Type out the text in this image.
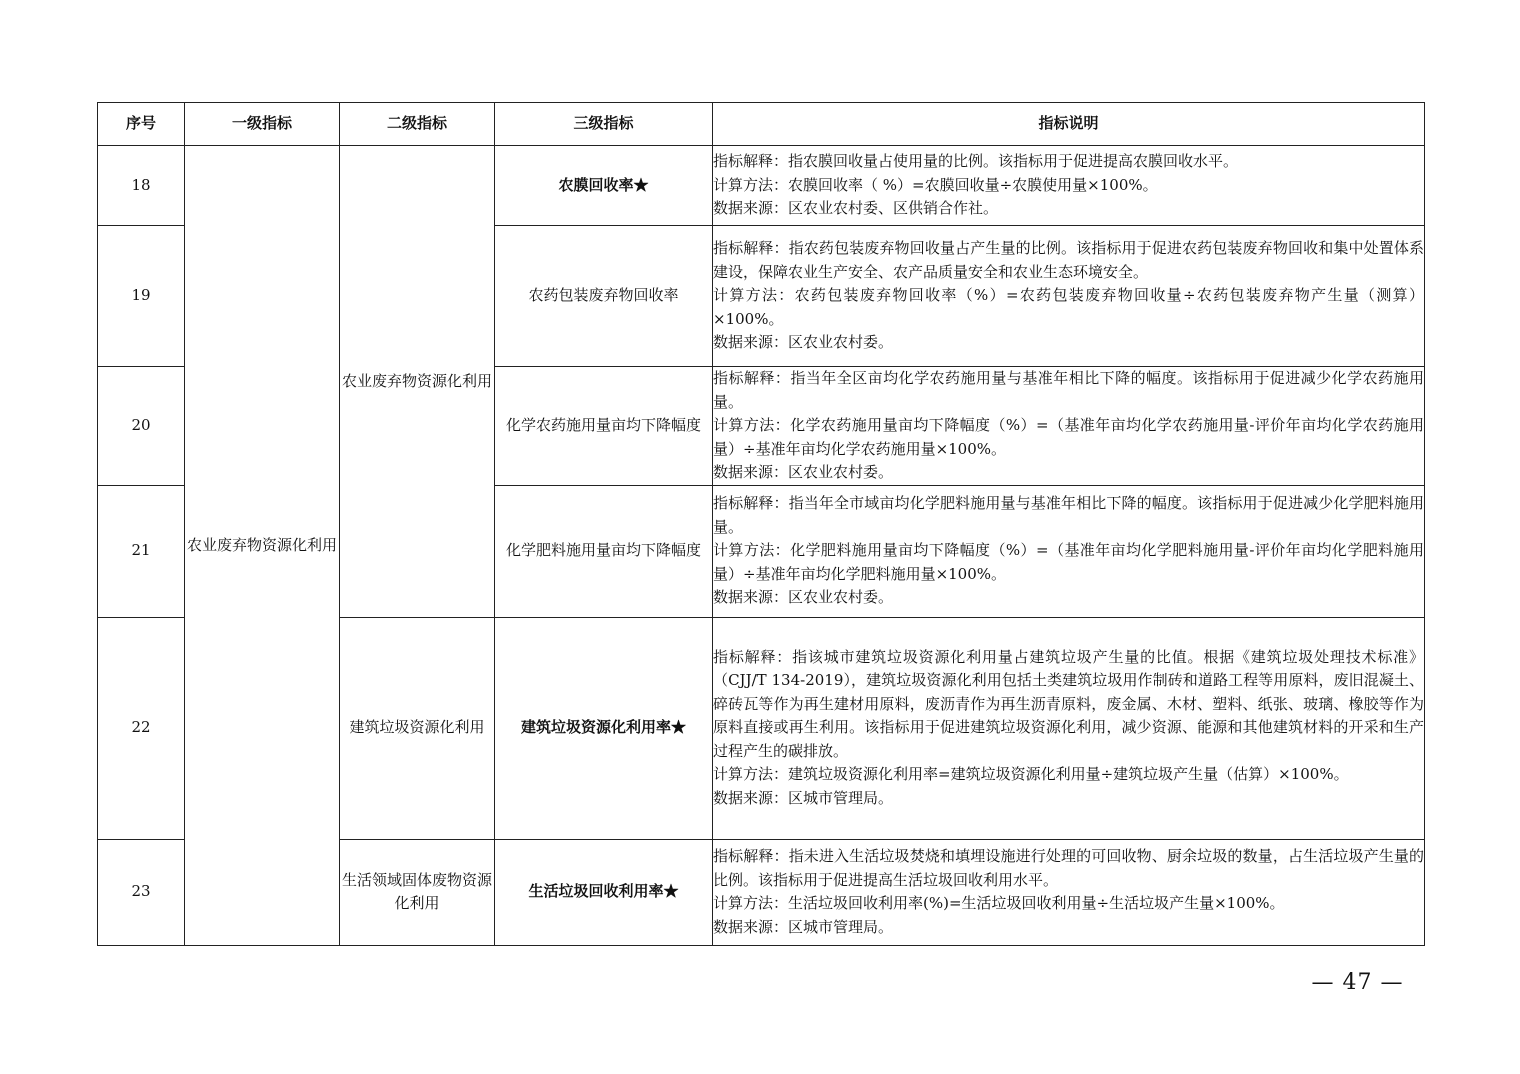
序号	一级指标	二级指标	三级指标	指标说明
18	农业废弃物资源化利用	农业废弃物资源化利用	农膜回收率★	指标解释：指农膜回收量占使用量的比例。该指标用于促进提高农膜回收水平。
计算方法：农膜回收率（ %）=农膜回收量÷农膜使用量×100%。
数据来源：区农业农村委、区供销合作社。

19			农药包装废弃物回收率	指标解释：指农药包装废弃物回收量占产生量的比例。该指标用于促进农药包装废弃物回收和集中处置体系建设，保障农业生产安全、农产品质量安全和农业生态环境安全。
计算方法：农药包装废弃物回收率（%）=农药包装废弃物回收量÷农药包装废弃物产生量（测算）×100%。
数据来源：区农业农村委。

20			化学农药施用量亩均下降幅度	指标解释：指当年全区亩均化学农药施用量与基准年相比下降的幅度。该指标用于促进减少化学农药施用量。
计算方法：化学农药施用量亩均下降幅度（%）=（基准年亩均化学农药施用量-评价年亩均化学农药施用量）÷基准年亩均化学农药施用量×100%。
数据来源：区农业农村委。

21			化学肥料施用量亩均下降幅度	指标解释：指当年全市域亩均化学肥料施用量与基准年相比下降的幅度。该指标用于促进减少化学肥料施用量。
计算方法：化学肥料施用量亩均下降幅度（%）=（基准年亩均化学肥料施用量-评价年亩均化学肥料施用量）÷基准年亩均化学肥料施用量×100%。
数据来源：区农业农村委。

22		建筑垃圾资源化利用	建筑垃圾资源化利用率★	指标解释：指该城市建筑垃圾资源化利用量占建筑垃圾产生量的比值。根据《建筑垃圾处理技术标准》（CJJ/T 134-2019），建筑垃圾资源化利用包括土类建筑垃圾用作制砖和道路工程等用原料，废旧混凝土、碎砖瓦等作为再生建材用原料，废沥青作为再生沥青原料，废金属、木材、塑料、纸张、玻璃、橡胶等作为原料直接或再生利用。该指标用于促进建筑垃圾资源化利用，减少资源、能源和其他建筑材料的开采和生产过程产生的碳排放。
计算方法：建筑垃圾资源化利用率=建筑垃圾资源化利用量÷建筑垃圾产生量（估算）×100%。
数据来源：区城市管理局。

23		生活领域固体废物资源化利用	生活垃圾回收利用率★	指标解释：指未进入生活垃圾焚烧和填埋设施进行处理的可回收物、厨余垃圾的数量，占生活垃圾产生量的比例。该指标用于促进提高生活垃圾回收利用水平。
计算方法：生活垃圾回收利用率(%)=生活垃圾回收利用量÷生活垃圾产生量×100%。
数据来源：区城市管理局。
— 47 —
